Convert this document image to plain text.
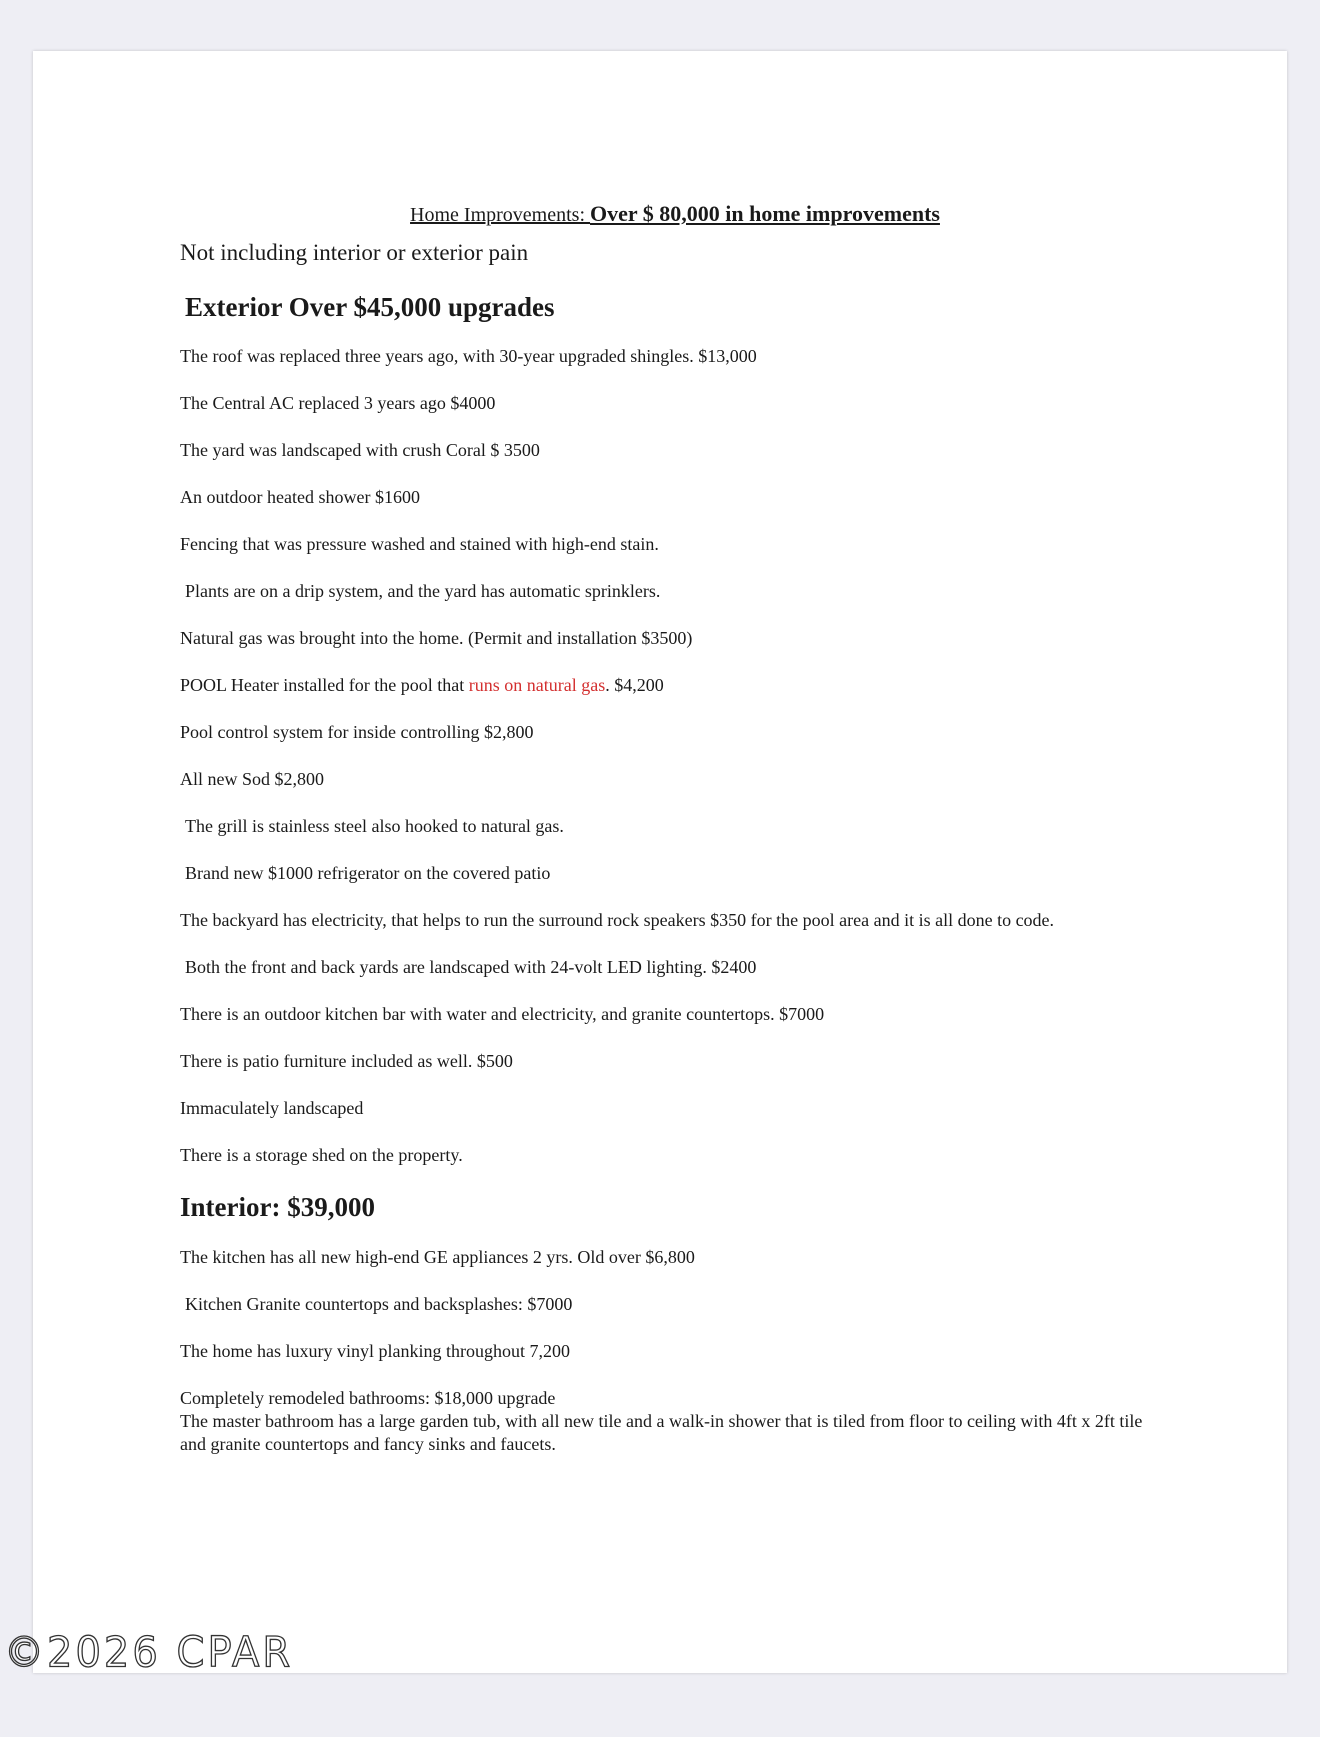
Home Improvements: Over $ 80,000 in home improvements
Not including interior or exterior pain
Exterior Over $45,000 upgrades

The roof was replaced three years ago, with 30-year upgraded shingles. $13,000

The Central AC replaced 3 years ago $4000

The yard was landscaped with crush Coral $ 3500

An outdoor heated shower $1600

Fencing that was pressure washed and stained with high-end stain.

Plants are on a drip system, and the yard has automatic sprinklers.

Natural gas was brought into the home. (Permit and installation $3500)

POOL Heater installed for the pool that runs on natural gas. $4,200

Pool control system for inside controlling $2,800

All new Sod $2,800

The grill is stainless steel also hooked to natural gas.

Brand new $1000 refrigerator on the covered patio

The backyard has electricity, that helps to run the surround rock speakers $350 for the pool area and it is all done to code.

Both the front and back yards are landscaped with 24-volt LED lighting. $2400

There is an outdoor kitchen bar with water and electricity, and granite countertops. $7000

There is patio furniture included as well. $500

Immaculately landscaped

There is a storage shed on the property.

Interior: $39,000

The kitchen has all new high-end GE appliances 2 yrs. Old over $6,800

Kitchen Granite countertops and backsplashes: $7000

The home has luxury vinyl planking throughout 7,200

Completely remodeled bathrooms: $18,000 upgrade

The master bathroom has a large garden tub, with all new tile and a walk-in shower that is tiled from floor to ceiling with 4ft x 2ft tile and granite countertops and fancy sinks and faucets.

©2026 CPAR
